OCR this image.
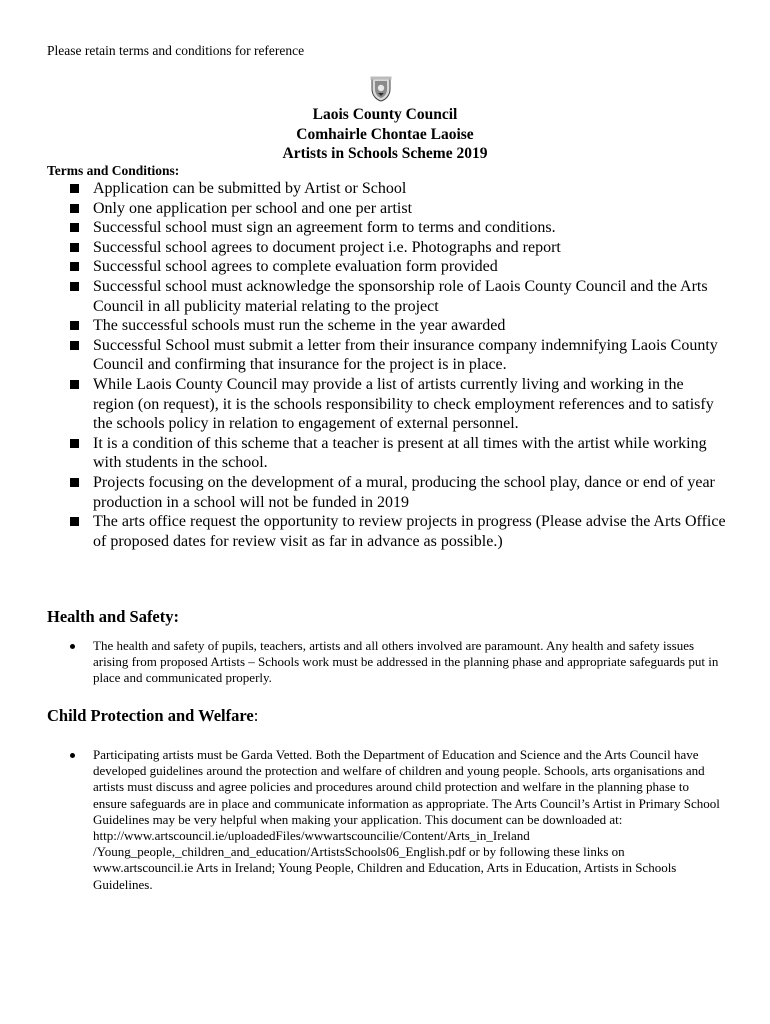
Please retain terms and conditions for reference
Laois County Council
Comhairle Chontae Laoise
Artists in Schools Scheme 2019
Terms and Conditions:
Application can be submitted by Artist or School
Only one application per school and one per artist
Successful school must sign an agreement form to terms and conditions.
Successful school agrees to document project i.e. Photographs and report
Successful school agrees to complete evaluation form provided
Successful school must acknowledge the sponsorship role of Laois County Council and the Arts Council in all publicity material relating to the project
The successful schools must run the scheme in the year awarded
Successful School must submit a letter from their insurance company indemnifying Laois County Council and confirming that insurance for the project is in place.
While Laois County Council may provide a list of artists currently living and working in the region (on request), it is the schools responsibility to check employment references and to satisfy the schools policy in relation to engagement of external personnel.
It is a condition of this scheme that a teacher is present at all times with the artist while working with students in the school.
Projects focusing on the development of a mural, producing the school play, dance or end of year production in a school will not be funded in 2019
The arts office request the opportunity to review projects in progress (Please advise the Arts Office of proposed dates for review visit as far in advance as possible.)
Health and Safety:
The health and safety of pupils, teachers, artists and all others involved are paramount. Any health and safety issues arising from proposed Artists – Schools work must be addressed in the planning phase and appropriate safeguards put in place and communicated properly.
Child Protection and Welfare:
Participating artists must be Garda Vetted. Both the Department of Education and Science and the Arts Council have developed guidelines around the protection and welfare of children and young people. Schools, arts organisations and artists must discuss and agree policies and procedures around child protection and welfare in the planning phase to ensure safeguards are in place and communicate information as appropriate. The Arts Council’s Artist in Primary School Guidelines may be very helpful when making your application. This document can be downloaded at: http://www.artscouncil.ie/uploadedFiles/wwwartscouncilie/Content/Arts_in_Ireland /Young_people,_children_and_education/ArtistsSchools06_English.pdf or by following these links on www.artscouncil.ie Arts in Ireland; Young People, Children and Education, Arts in Education, Artists in Schools Guidelines.
